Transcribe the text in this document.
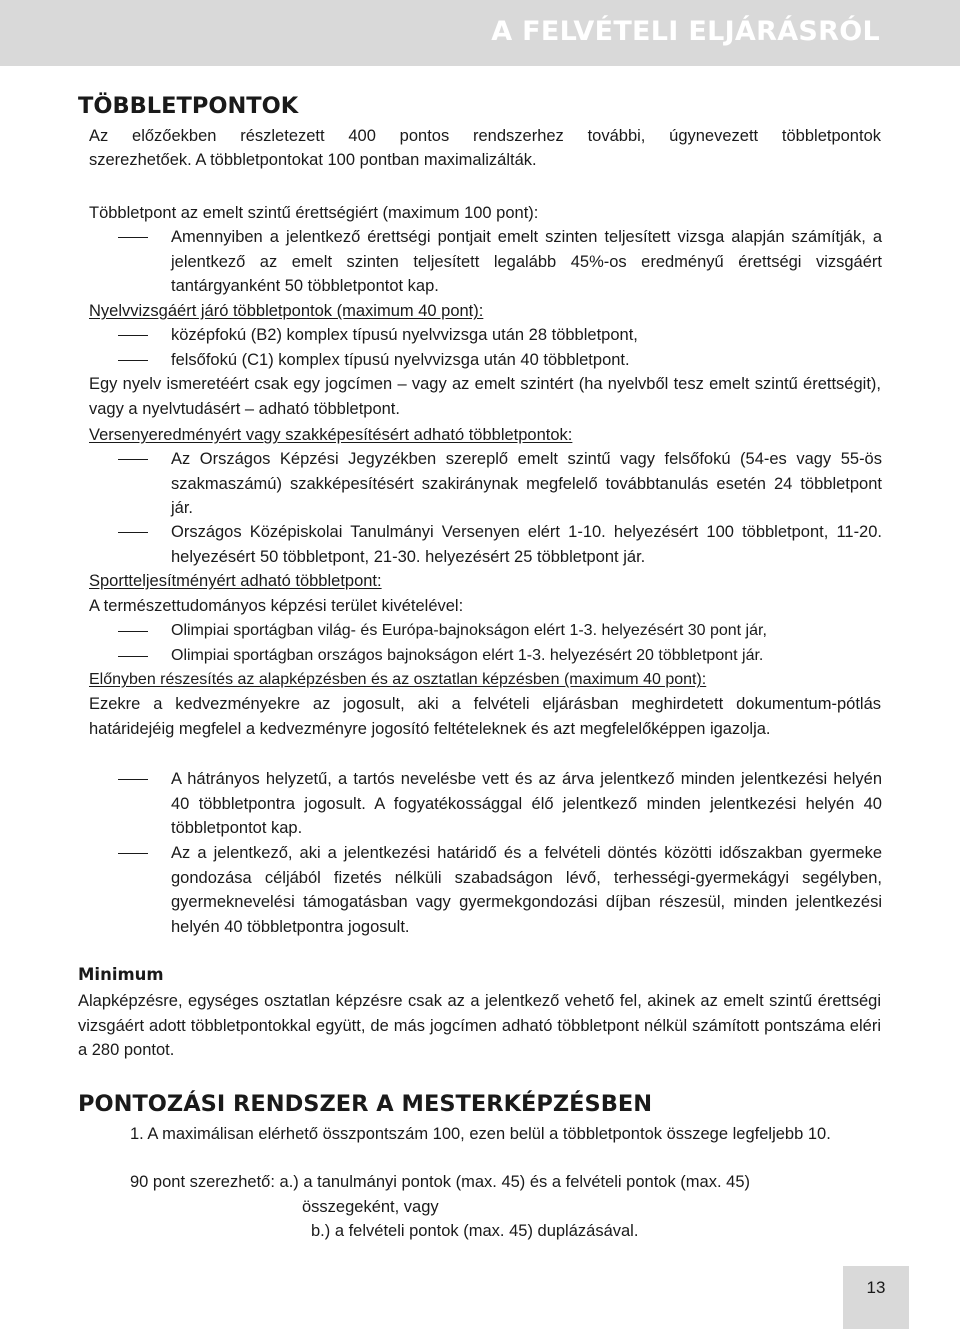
A FELVÉTELI ELJÁRÁSRÓL
TÖBBLETPONTOK
Az előzőekben részletezett 400 pontos rendszerhez további, úgynevezett többletpontok
szerezhetőek. A többletpontokat 100 pontban maximalizálták.
Többletpont az emelt szintű érettségiért (maximum 100 pont):
Amennyiben a jelentkező érettségi pontjait emelt szinten teljesített vizsga alapján számítják, a jelentkező az emelt szinten teljesített legalább 45%-os eredményű érettségi vizsgáért tantárgyanként 50 többletpontot kap.
Nyelvvizsgáért járó többletpontok (maximum 40 pont):
középfokú (B2) komplex típusú nyelvvizsga után 28 többletpont,
felsőfokú (C1) komplex típusú nyelvvizsga után 40 többletpont.
Egy nyelv ismeretéért csak egy jogcímen – vagy az emelt szintért (ha nyelvből tesz emelt szintű érettségit), vagy a nyelvtudásért – adható többletpont.
Versenyeredményért vagy szakképesítésért adható többletpontok:
Az Országos Képzési Jegyzékben szereplő emelt szintű vagy felsőfokú (54-es vagy 55-ös szakmaszámú) szakképesítésért szakiránynak megfelelő továbbtanulás esetén 24 többletpont jár.
Országos Középiskolai Tanulmányi Versenyen elért 1-10. helyezésért 100 többletpont, 11-20. helyezésért 50 többletpont, 21-30. helyezésért 25 többletpont jár.
Sportteljesítményért adható többletpont:
A természettudományos képzési terület kivételével:
Olimpiai sportágban világ- és Európa-bajnokságon elért 1-3. helyezésért 30 pont jár,
Olimpiai sportágban országos bajnokságon elért 1-3. helyezésért 20 többletpont jár.
Előnyben részesítés az alapképzésben és az osztatlan képzésben (maximum 40 pont):
Ezekre a kedvezményekre az jogosult, aki a felvételi eljárásban meghirdetett dokumentum-pótlás határidejéig megfelel a kedvezményre jogosító feltételeknek és azt megfelelőképpen igazolja.
A hátrányos helyzetű, a tartós nevelésbe vett és az árva jelentkező minden jelentkezési helyén 40 többletpontra jogosult. A fogyatékossággal élő jelentkező minden jelentkezési helyén 40 többletpontot kap.
Az a jelentkező, aki a jelentkezési határidő és a felvételi döntés közötti időszakban gyermeke gondozása céljából fizetés nélküli szabadságon lévő, terhességi-gyermekágyi segélyben, gyermeknevelési támogatásban vagy gyermekgondozási díjban részesül, minden jelentkezési helyén 40 többletpontra jogosult.
Minimum
Alapképzésre, egységes osztatlan képzésre csak az a jelentkező vehető fel, akinek az emelt szintű érettségi vizsgáért adott többletpontokkal együtt, de más jogcímen adható többletpont nélkül számított pontszáma eléri a 280 pontot.
PONTOZÁSI RENDSZER A MESTERKÉPZÉSBEN
1. A maximálisan elérhető összpontszám 100, ezen belül a többletpontok összege legfeljebb 10.
90 pont szerezhető: a.) a tanulmányi pontok (max. 45) és a felvételi pontok (max. 45)
összegeként, vagy
b.) a felvételi pontok (max. 45) duplázásával.
13
